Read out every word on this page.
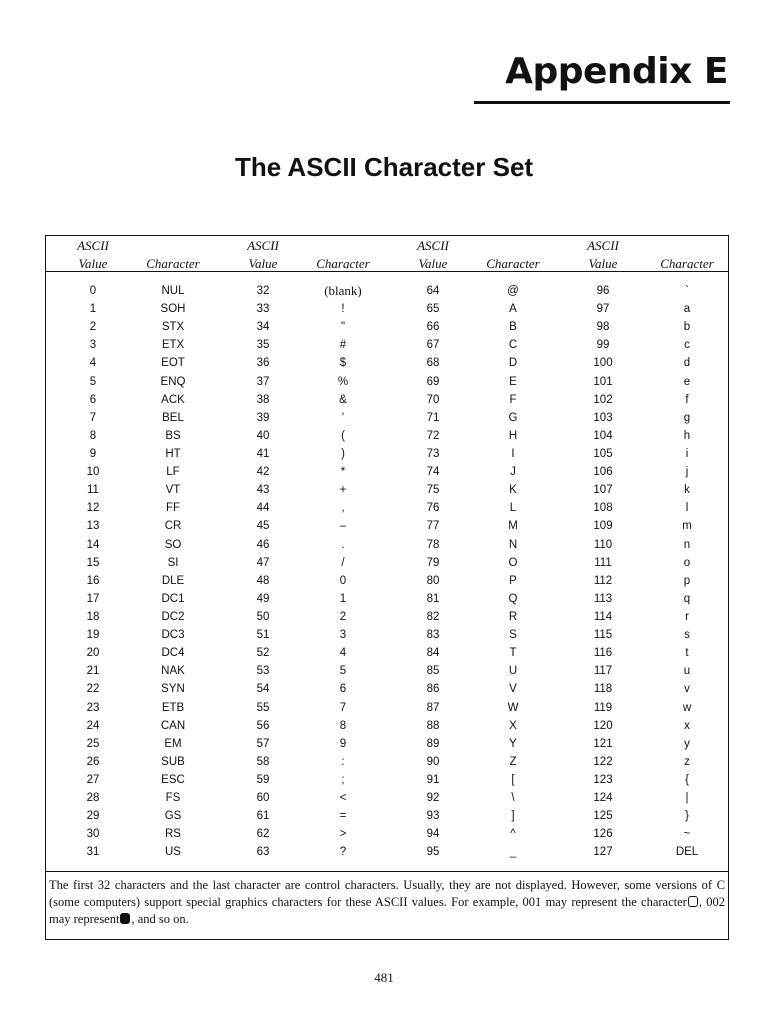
Appendix E
The ASCII Character Set
ASCII
Value	Character
ASCII
Value	Character
ASCII
Value	Character
ASCII
Value	Character
0	NUL	32	(blank)	64	@	96	`
1	SOH	33	!	65	A	97	a
2	STX	34	"	66	B	98	b
3	ETX	35	#	67	C	99	c
4	EOT	36	$	68	D	100	d
5	ENQ	37	%	69	E	101	e
6	ACK	38	&	70	F	102	f
7	BEL	39	'	71	G	103	g
8	BS	40	(	72	H	104	h
9	HT	41	)	73	I	105	i
10	LF	42	*	74	J	106	j
11	VT	43	+	75	K	107	k
12	FF	44	,	76	L	108	l
13	CR	45	–	77	M	109	m
14	SO	46	.	78	N	110	n
15	SI	47	/	79	O	111	o
16	DLE	48	0	80	P	112	p
17	DC1	49	1	81	Q	113	q
18	DC2	50	2	82	R	114	r
19	DC3	51	3	83	S	115	s
20	DC4	52	4	84	T	116	t
21	NAK	53	5	85	U	117	u
22	SYN	54	6	86	V	118	v
23	ETB	55	7	87	W	119	w
24	CAN	56	8	88	X	120	x
25	EM	57	9	89	Y	121	y
26	SUB	58	:	90	Z	122	z
27	ESC	59	;	91	[	123	{
28	FS	60	<	92	\	124	|
29	GS	61	=	93	]	125	}
30	RS	62	>	94	^	126	~
31	US	63	?	95	_	127	DEL
The first 32 characters and the last character are control characters. Usually, they are not displayed. However, some versions of C (some computers) support special graphics characters for these ASCII values. For example, 001 may represent the character , 002 may represent , and so on.
481
